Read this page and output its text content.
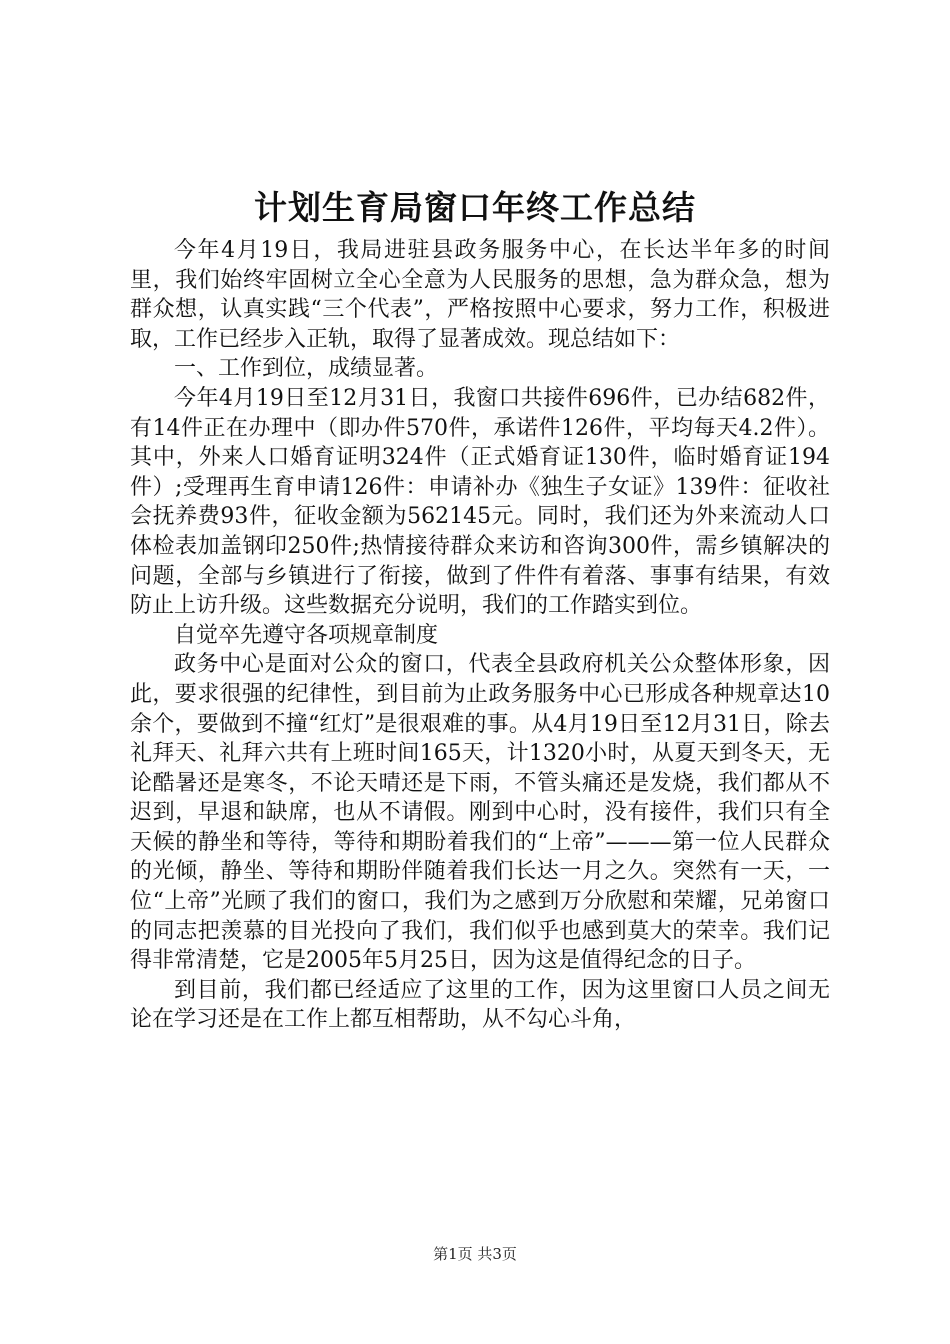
计划生育局窗口年终工作总结

今年4月19日，我局进驻县政务服务中心，在长达半年多的时间里，我们始终牢固树立全心全意为人民服务的思想，急为群众急，想为群众想，认真实践“三个代表”，严格按照中心要求，努力工作，积极进取，工作已经步入正轨，取得了显著成效。现总结如下：

一、工作到位，成绩显著。

今年4月19日至12月31日，我窗口共接件696件，已办结682件，有14件正在办理中（即办件570件，承诺件126件，平均每天4.2件）。其中，外来人口婚育证明324件（正式婚育证130件，临时婚育证194件）;受理再生育申请126件：申请补办《独生子女证》139件：征收社会抚养费93件，征收金额为562145元。同时，我们还为外来流动人口体检表加盖钢印250件;热情接待群众来访和咨询300件，需乡镇解决的问题，全部与乡镇进行了衔接，做到了件件有着落、事事有结果，有效防止上访升级。这些数据充分说明，我们的工作踏实到位。

自觉卒先遵守各项规章制度

政务中心是面对公众的窗口，代表全县政府机关公众整体形象，因此，要求很强的纪律性，到目前为止政务服务中心已形成各种规章达10余个，要做到不撞“红灯”是很艰难的事。从4月19日至12月31日，除去礼拜天、礼拜六共有上班时间165天，计1320小时，从夏天到冬天，无论酷暑还是寒冬，不论天晴还是下雨，不管头痛还是发烧，我们都从不迟到，早退和缺席，也从不请假。刚到中心时，没有接件，我们只有全天候的静坐和等待，等待和期盼着我们的“上帝”———第一位人民群众的光倾，静坐、等待和期盼伴随着我们长达一月之久。突然有一天，一位“上帝”光顾了我们的窗口，我们为之感到万分欣慰和荣耀，兄弟窗口的同志把羡慕的目光投向了我们，我们似乎也感到莫大的荣幸。我们记得非常清楚，它是2005年5月25日，因为这是值得纪念的日子。

到目前，我们都已经适应了这里的工作，因为这里窗口人员之间无论在学习还是在工作上都互相帮助，从不勾心斗角，

第1页 共3页
